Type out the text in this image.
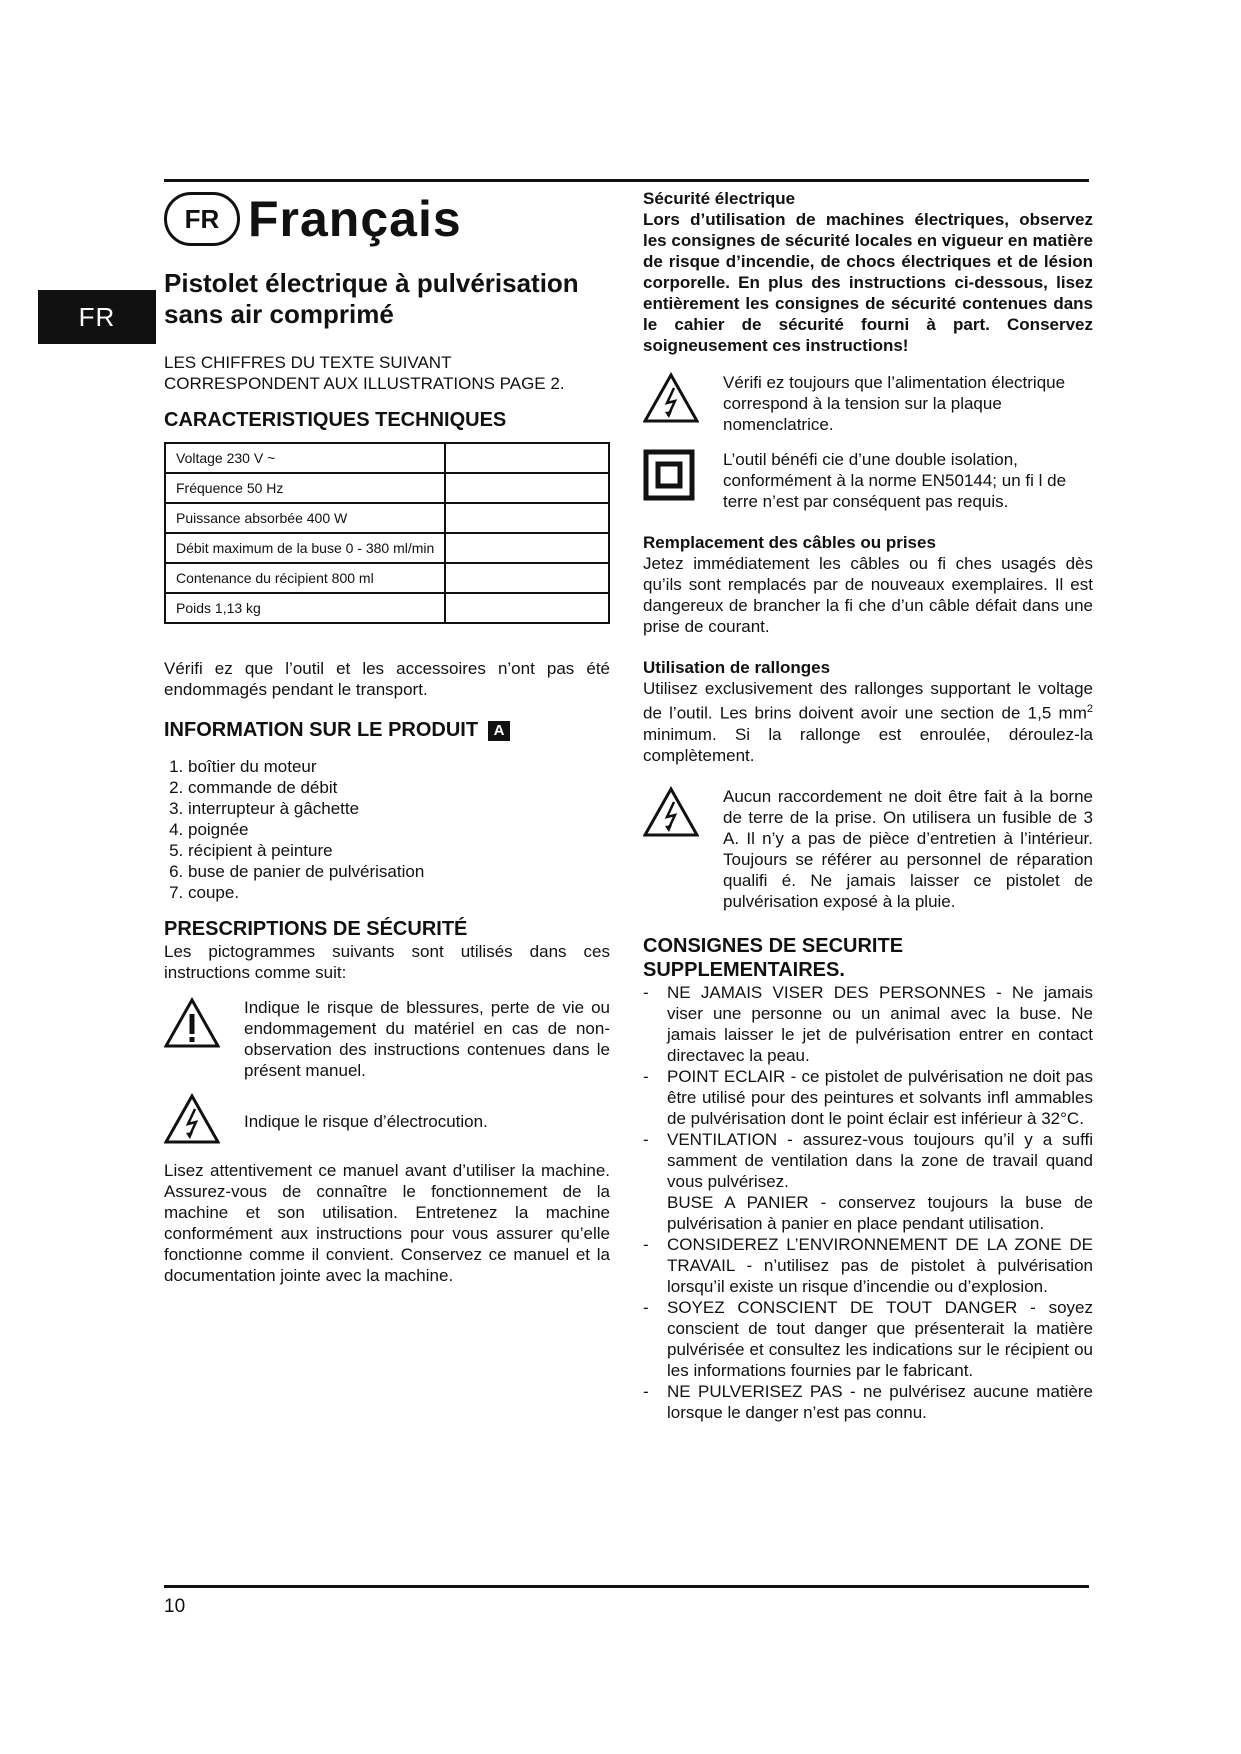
FR
FR Français
Pistolet électrique à pulvérisation
sans air comprimé

LES CHIFFRES DU TEXTE SUIVANT
CORRESPONDENT AUX ILLUSTRATIONS PAGE 2.

CARACTERISTIQUES TECHNIQUES
Voltage 230 V ~	
Fréquence 50 Hz	
Puissance absorbée 400 W	
Débit maximum de la buse 0 - 380 ml/min	
Contenance du récipient 800 ml	
Poids 1,13 kg	

Vérifi ez que l’outil et les accessoires n’ont pas été endommagés pendant le transport.

INFORMATION SUR LE PRODUIT A
1. boîtier du moteur
2. commande de débit
3. interrupteur à gâchette
4. poignée
5. récipient à peinture
6. buse de panier de pulvérisation
7. coupe.
PRESCRIPTIONS DE SÉCURITÉ

Les pictogrammes suivants sont utilisés dans ces instructions comme suit:

Indique le risque de blessures, perte de vie ou endommagement du matériel en cas de non-observation des instructions contenues dans le présent manuel.

Indique le risque d’électrocution.

Lisez attentivement ce manuel avant d’utiliser la machine. Assurez-vous de connaître le fonctionnement de la machine et son utilisation. Entretenez la machine conformément aux instructions pour vous assurer qu’elle fonctionne comme il convient. Conservez ce manuel et la documentation jointe avec la machine.

Sécurité électrique

Lors d’utilisation de machines électriques, observez les consignes de sécurité locales en vigueur en matière de risque d’incendie, de chocs électriques et de lésion corporelle. En plus des instructions ci-dessous, lisez entièrement les consignes de sécurité contenues dans le cahier de sécurité fourni à part. Conservez soigneusement ces instructions!

Vérifi ez toujours que l’alimentation électrique correspond à la tension sur la plaque nomenclatrice.

L’outil bénéfi cie d’une double isolation, conformément à la norme EN50144; un fi l de terre n’est par conséquent pas requis.

Remplacement des câbles ou prises

Jetez immédiatement les câbles ou fi ches usagés dès qu’ils sont remplacés par de nouveaux exemplaires. Il est dangereux de brancher la fi che d’un câble défait dans une prise de courant.

Utilisation de rallonges

Utilisez exclusivement des rallonges supportant le voltage de l’outil. Les brins doivent avoir une section de 1,5 $mm^2$ minimum. Si la rallonge est enroulée, déroulez-la complètement.

Aucun raccordement ne doit être fait à la borne de terre de la prise. On utilisera un fusible de 3 A. Il n’y a pas de pièce d’entretien à l’intérieur. Toujours se référer au personnel de réparation qualifi é. Ne jamais laisser ce pistolet de pulvérisation exposé à la pluie.

CONSIGNES DE SECURITE
SUPPLEMENTAIRES.
- NE JAMAIS VISER DES PERSONNES - Ne jamais viser une personne ou un animal avec la buse. Ne jamais laisser le jet de pulvérisation entrer en contact directavec la peau.
- POINT ECLAIR - ce pistolet de pulvérisation ne doit pas être utilisé pour des peintures et solvants infl ammables de pulvérisation dont le point éclair est inférieur à 32°C.
- VENTILATION - assurez-vous toujours qu’il y a suffi samment de ventilation dans la zone de travail quand vous pulvérisez.
BUSE A PANIER - conservez toujours la buse de pulvérisation à panier en place pendant utilisation.
- CONSIDEREZ L’ENVIRONNEMENT DE LA ZONE DE TRAVAIL - n’utilisez pas de pistolet à pulvérisation lorsqu’il existe un risque d’incendie ou d’explosion.
- SOYEZ CONSCIENT DE TOUT DANGER - soyez conscient de tout danger que présenterait la matière pulvérisée et consultez les indications sur le récipient ou les informations fournies par le fabricant.
- NE PULVERISEZ PAS - ne pulvérisez aucune matière lorsque le danger n’est pas connu.
10
